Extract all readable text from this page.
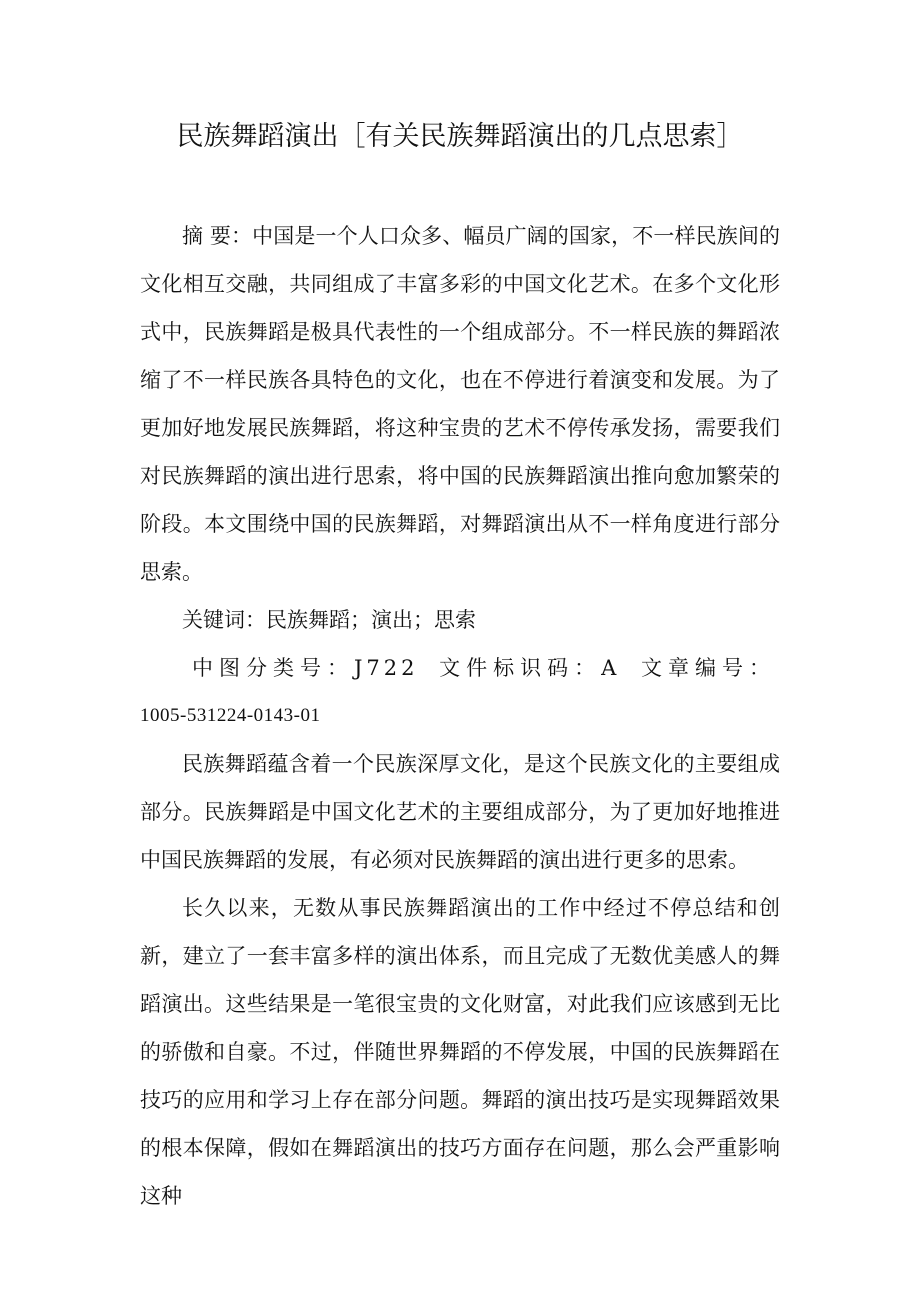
民族舞蹈演出［有关民族舞蹈演出的几点思索］

摘 要：中国是一个人口众多、幅员广阔的国家，不一样民族间的文化相互交融，共同组成了丰富多彩的中国文化艺术。在多个文化形式中，民族舞蹈是极具代表性的一个组成部分。不一样民族的舞蹈浓缩了不一样民族各具特色的文化，也在不停进行着演变和发展。为了更加好地发展民族舞蹈，将这种宝贵的艺术不停传承发扬，需要我们对民族舞蹈的演出进行思索，将中国的民族舞蹈演出推向愈加繁荣的阶段。本文围绕中国的民族舞蹈，对舞蹈演出从不一样角度进行部分思索。

关键词：民族舞蹈；演出；思索

中图分类号：J722 文件标识码：A 文章编号：
1005-531224-0143-01

民族舞蹈蕴含着一个民族深厚文化，是这个民族文化的主要组成部分。民族舞蹈是中国文化艺术的主要组成部分，为了更加好地推进中国民族舞蹈的发展，有必须对民族舞蹈的演出进行更多的思索。

长久以来，无数从事民族舞蹈演出的工作中经过不停总结和创新，建立了一套丰富多样的演出体系，而且完成了无数优美感人的舞蹈演出。这些结果是一笔很宝贵的文化财富，对此我们应该感到无比的骄傲和自豪。不过，伴随世界舞蹈的不停发展，中国的民族舞蹈在技巧的应用和学习上存在部分问题。舞蹈的演出技巧是实现舞蹈效果的根本保障，假如在舞蹈演出的技巧方面存在问题，那么会严重影响这种
